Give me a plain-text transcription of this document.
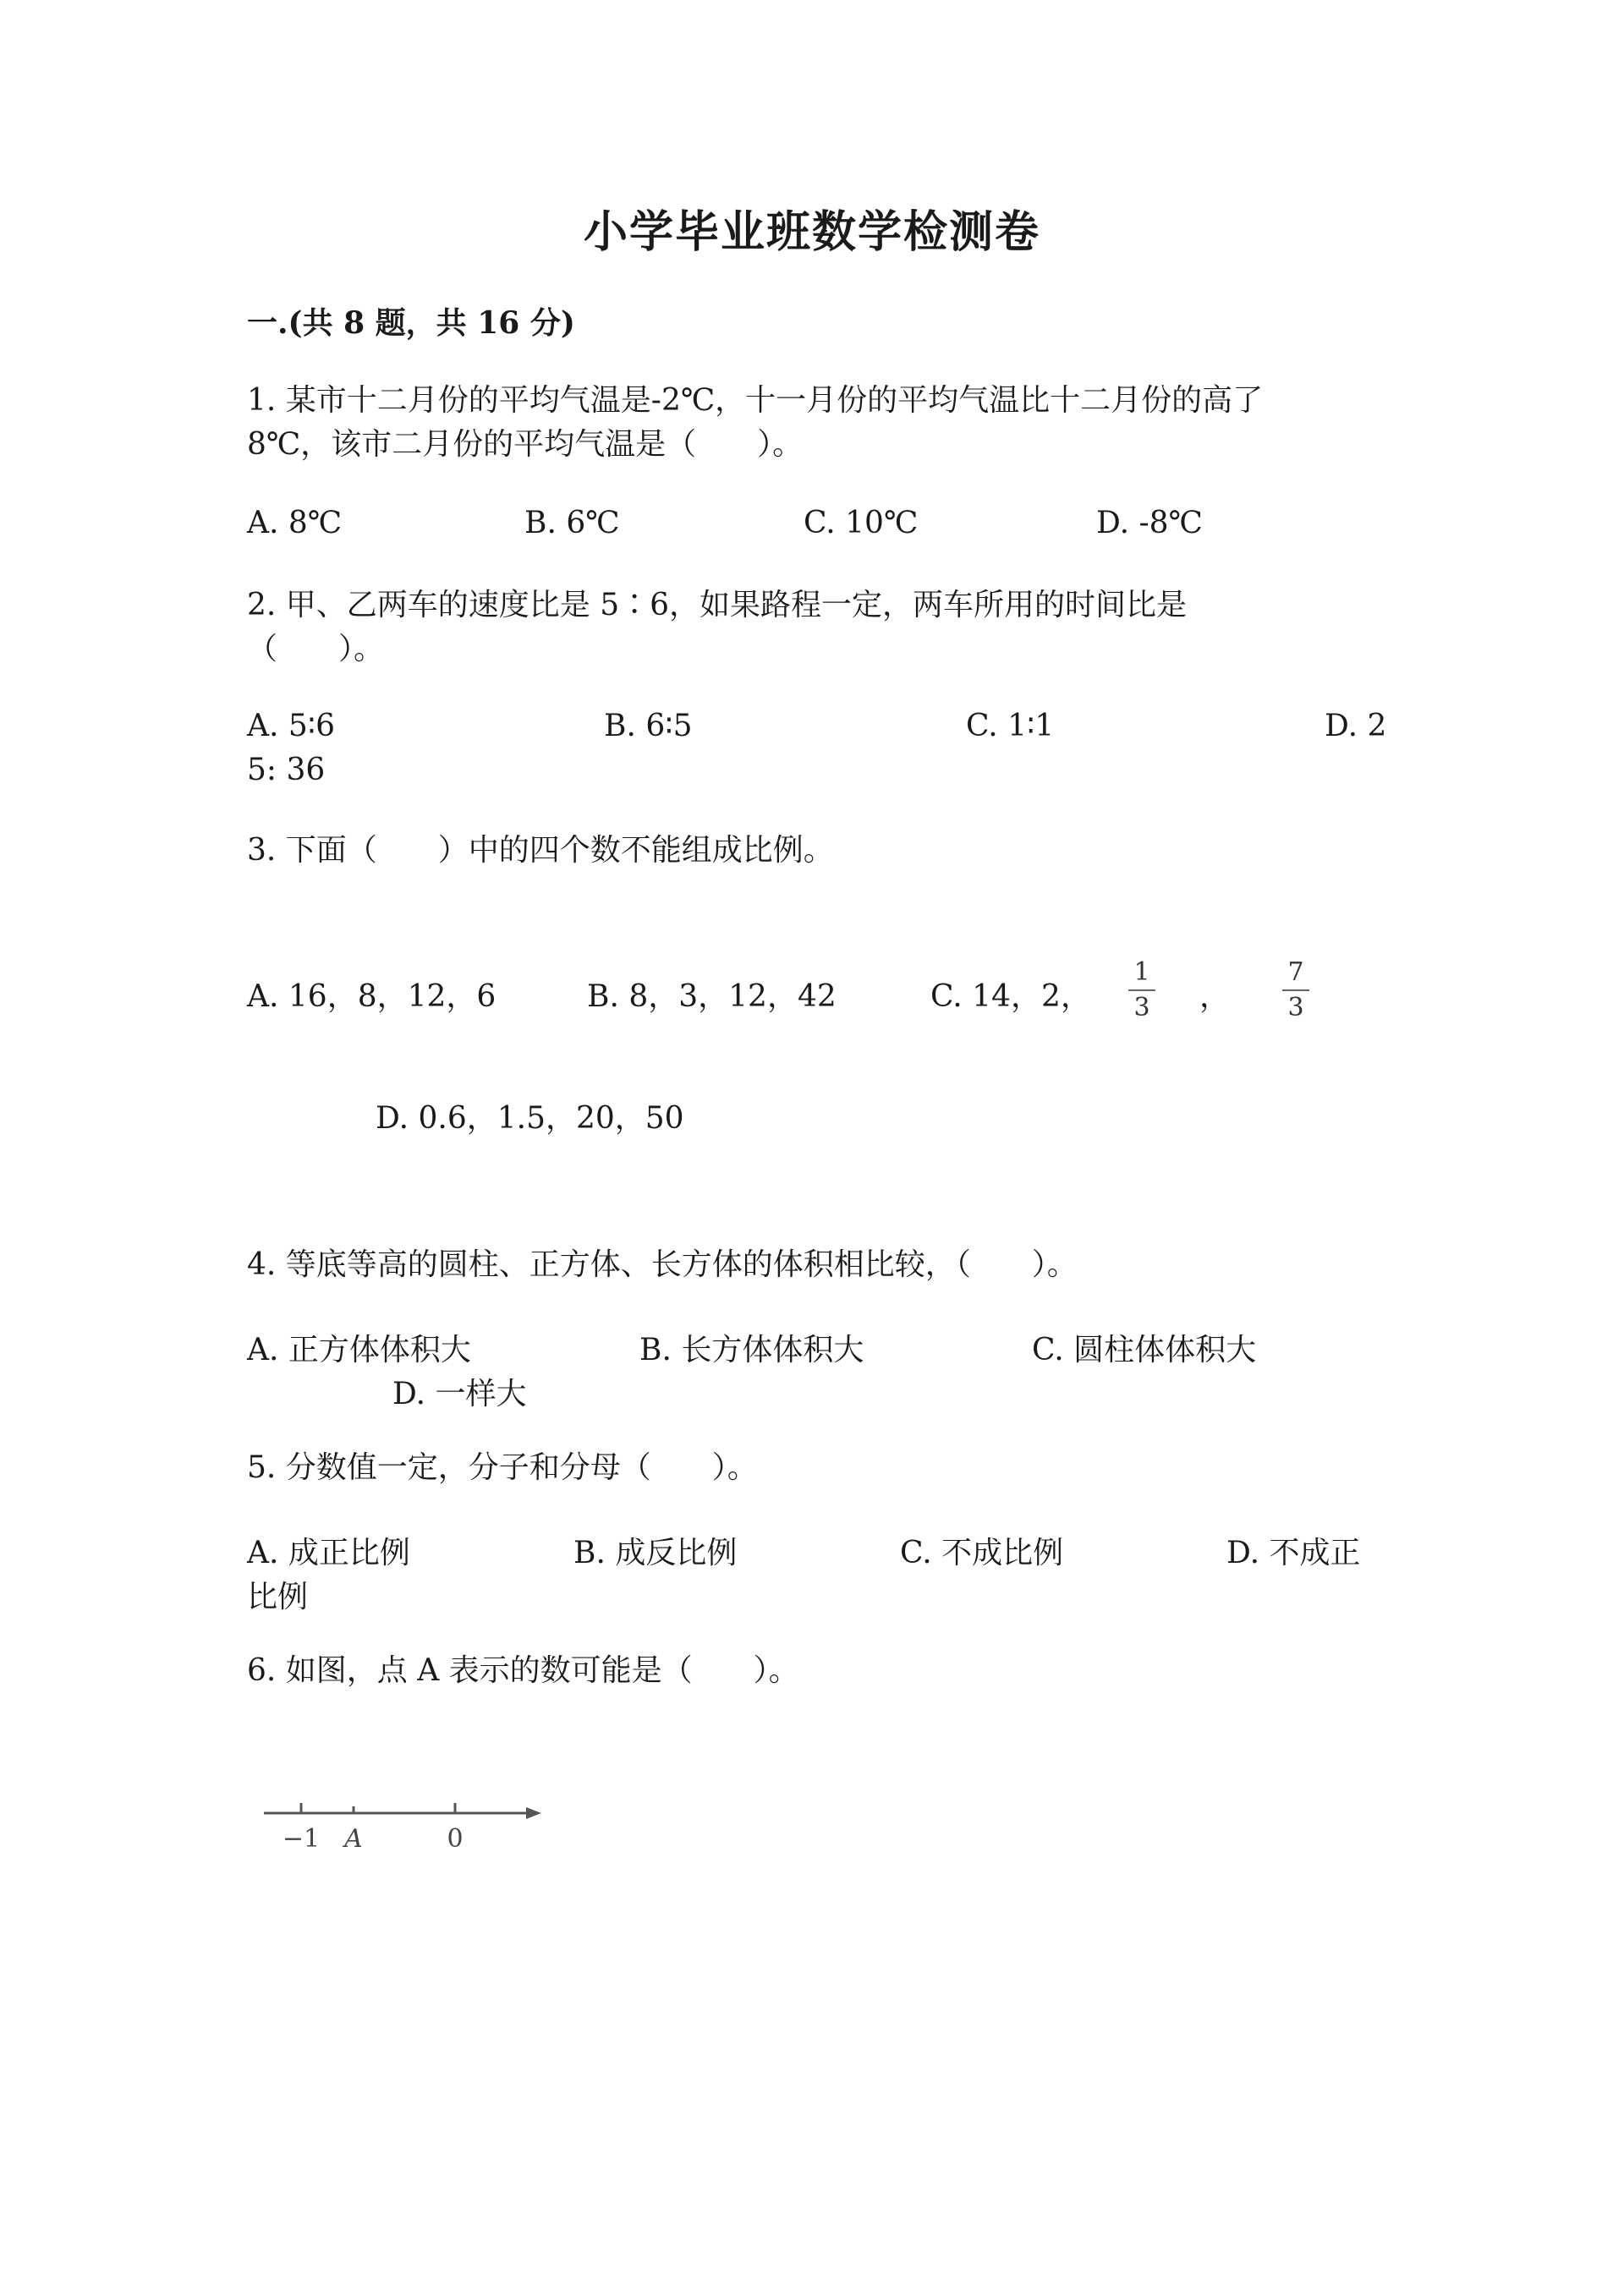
小学毕业班数学检测卷
一.(共 8 题，共 16 分)
1. 某市十二月份的平均气温是-2℃，十一月份的平均气温比十二月份的高了
8℃，该市二月份的平均气温是（　　）。
A. 8℃	B. 6℃	C. 10℃	D. -8℃
2. 甲、乙两车的速度比是 5∶6，如果路程一定，两车所用的时间比是
（　　）。
A. 5∶6	B. 6∶5	C. 1∶1	D. 2
5: 36
3. 下面（　　）中的四个数不能组成比例。
A. 16，8，12，6	B. 8，3，12，42	C. 14，2，
1
3 ，
7
3
D. 0.6，1.5，20，50
4. 等底等高的圆柱、正方体、长方体的体积相比较，（　　）。
A. 正方体体积大	B. 长方体体积大	C. 圆柱体体积大
D. 一样大
5. 分数值一定，分子和分母（　　）。
A. 成正比例	B. 成反比例	C. 不成比例	D. 不成正
比例
6. 如图，点 A 表示的数可能是（　　）。
−1 A	0
